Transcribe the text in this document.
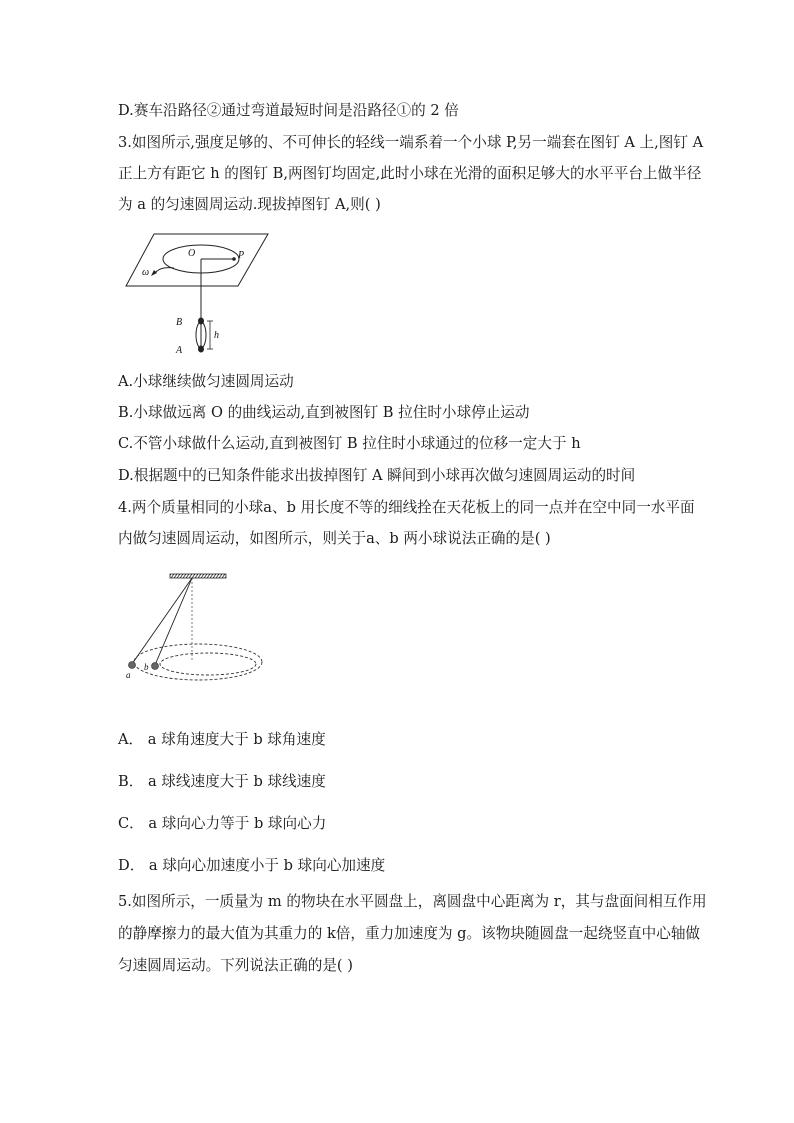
D.赛车沿路径②通过弯道最短时间是沿路径①的 2 倍
3.如图所示,强度足够的、不可伸长的轻线一端系着一个小球 P,另一端套在图钉 A 上,图钉 A
正上方有距它 h 的图钉 B,两图钉均固定,此时小球在光滑的面积足够大的水平平台上做半径
为 a 的匀速圆周运动.现拔掉图钉 A,则( )
O	P
ω
B
A
h
A.小球继续做匀速圆周运动
B.小球做远离 O 的曲线运动,直到被图钉 B 拉住时小球停止运动
C.不管小球做什么运动,直到被图钉 B 拉住时小球通过的位移一定大于 h
D.根据题中的已知条件能求出拔掉图钉 A 瞬间到小球再次做匀速圆周运动的时间
4.两个质量相同的小球a、b 用长度不等的细线拴在天花板上的同一点并在空中同一水平面
内做匀速圆周运动，如图所示，则关于a、b 两小球说法正确的是( )
a
b
A． a 球角速度大于 b 球角速度
B． a 球线速度大于 b 球线速度
C． a 球向心力等于 b 球向心力
D． a 球向心加速度小于 b 球向心加速度
5.如图所示，一质量为 m 的物块在水平圆盘上，离圆盘中心距离为 r，其与盘面间相互作用
的静摩擦力的最大值为其重力的 k倍，重力加速度为 g。该物块随圆盘一起绕竖直中心轴做
匀速圆周运动。下列说法正确的是( )
